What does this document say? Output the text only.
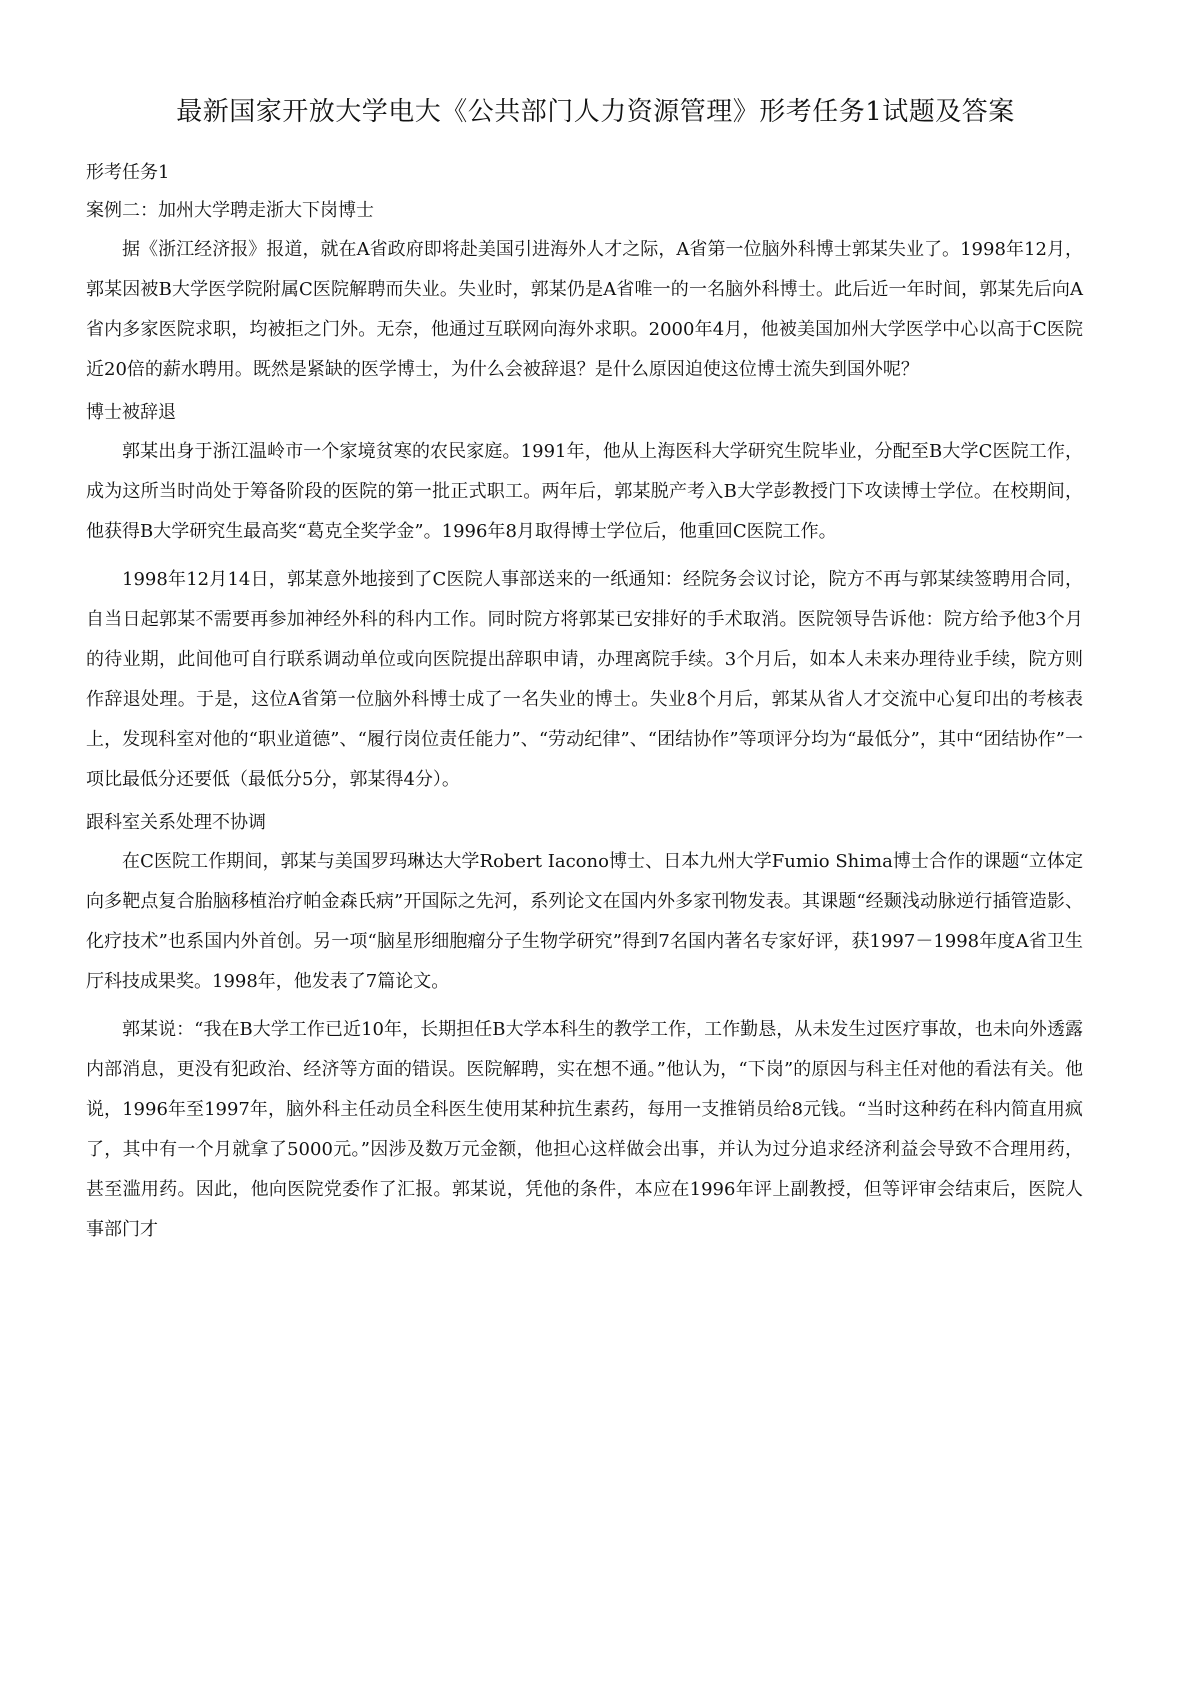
最新国家开放大学电大《公共部门人力资源管理》形考任务1试题及答案

形考任务1

案例二：加州大学聘走浙大下岗博士

据《浙江经济报》报道，就在A省政府即将赴美国引进海外人才之际，A省第一位脑外科博士郭某失业了。1998年12月，郭某因被B大学医学院附属C医院解聘而失业。失业时，郭某仍是A省唯一的一名脑外科博士。此后近一年时间，郭某先后向A省内多家医院求职，均被拒之门外。无奈，他通过互联网向海外求职。2000年4月，他被美国加州大学医学中心以高于C医院近20倍的薪水聘用。既然是紧缺的医学博士，为什么会被辞退？是什么原因迫使这位博士流失到国外呢？

博士被辞退

郭某出身于浙江温岭市一个家境贫寒的农民家庭。1991年，他从上海医科大学研究生院毕业，分配至B大学C医院工作，成为这所当时尚处于筹备阶段的医院的第一批正式职工。两年后，郭某脱产考入B大学彭教授门下攻读博士学位。在校期间，他获得B大学研究生最高奖“葛克全奖学金”。1996年8月取得博士学位后，他重回C医院工作。

1998年12月14日，郭某意外地接到了C医院人事部送来的一纸通知：经院务会议讨论，院方不再与郭某续签聘用合同，自当日起郭某不需要再参加神经外科的科内工作。同时院方将郭某已安排好的手术取消。医院领导告诉他：院方给予他3个月的待业期，此间他可自行联系调动单位或向医院提出辞职申请，办理离院手续。3个月后，如本人未来办理待业手续，院方则作辞退处理。于是，这位A省第一位脑外科博士成了一名失业的博士。失业8个月后，郭某从省人才交流中心复印出的考核表上，发现科室对他的“职业道德”、“履行岗位责任能力”、“劳动纪律”、“团结协作”等项评分均为“最低分”，其中“团结协作”一项比最低分还要低（最低分5分，郭某得4分）。

跟科室关系处理不协调

在C医院工作期间，郭某与美国罗玛琳达大学Robert Iacono博士、日本九州大学Fumio Shima博士合作的课题“立体定向多靶点复合胎脑移植治疗帕金森氏病”开国际之先河，系列论文在国内外多家刊物发表。其课题“经颞浅动脉逆行插管造影、化疗技术”也系国内外首创。另一项“脑星形细胞瘤分子生物学研究”得到7名国内著名专家好评，获1997－1998年度A省卫生厅科技成果奖。1998年，他发表了7篇论文。

郭某说：“我在B大学工作已近10年，长期担任B大学本科生的教学工作，工作勤恳，从未发生过医疗事故，也未向外透露内部消息，更没有犯政治、经济等方面的错误。医院解聘，实在想不通。”他认为，“下岗”的原因与科主任对他的看法有关。他说，1996年至1997年，脑外科主任动员全科医生使用某种抗生素药，每用一支推销员给8元钱。“当时这种药在科内简直用疯了，其中有一个月就拿了5000元。”因涉及数万元金额，他担心这样做会出事，并认为过分追求经济利益会导致不合理用药，甚至滥用药。因此，他向医院党委作了汇报。郭某说，凭他的条件，本应在1996年评上副教授，但等评审会结束后，医院人事部门才
